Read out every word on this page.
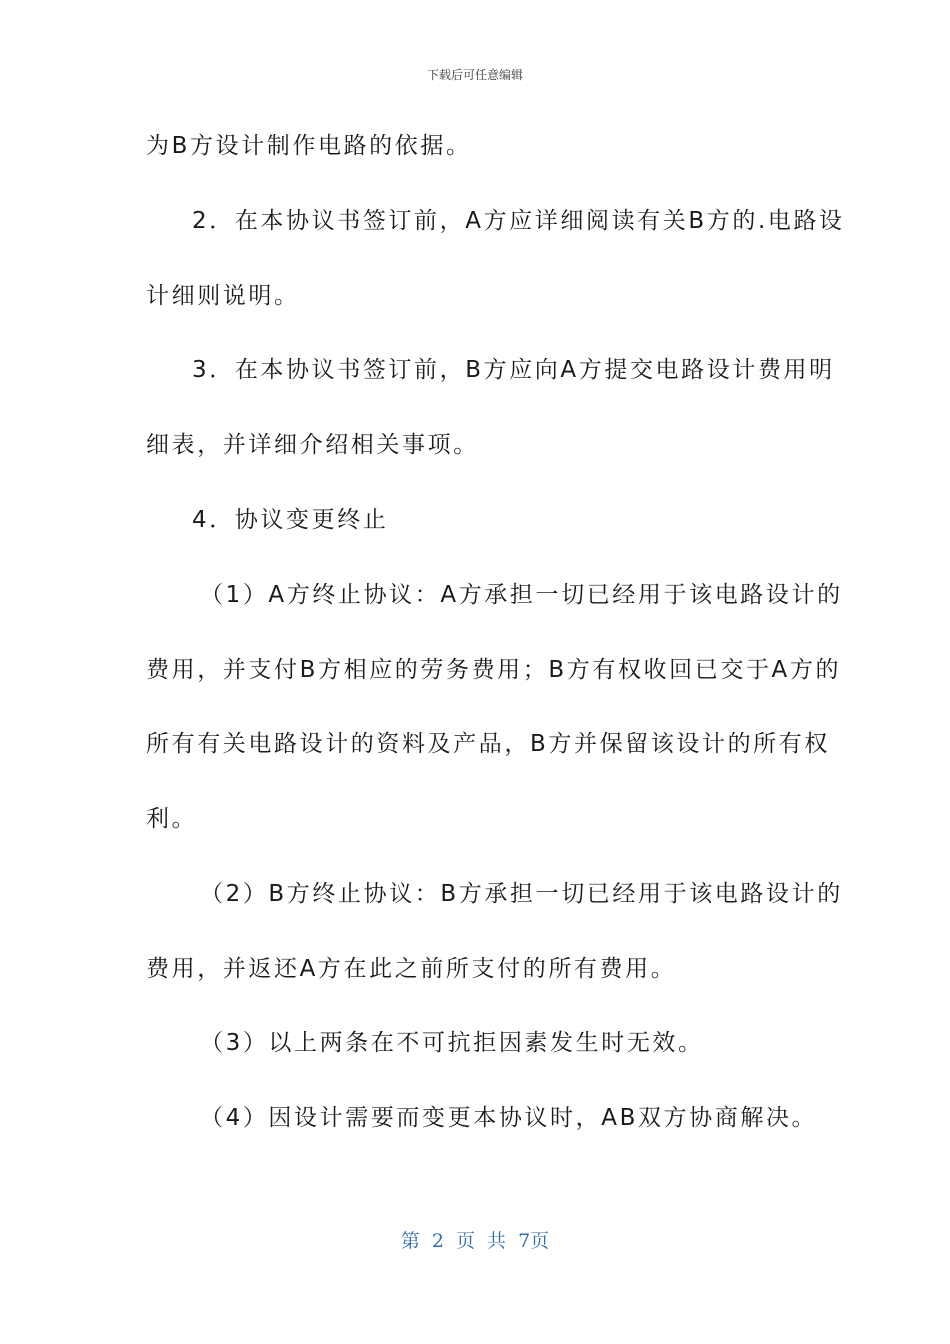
下载后可任意编辑
为B方设计制作电路的依据。
2．在本协议书签订前，A方应详细阅读有关B方的.电路设
计细则说明。
3．在本协议书签订前，B方应向A方提交电路设计费用明
细表，并详细介绍相关事项。
4．协议变更终止
（1）A方终止协议：A方承担一切已经用于该电路设计的
费用，并支付B方相应的劳务费用；B方有权收回已交于A方的
所有有关电路设计的资料及产品，B方并保留该设计的所有权
利。
（2）B方终止协议：B方承担一切已经用于该电路设计的
费用，并返还A方在此之前所支付的所有费用。
（3）以上两条在不可抗拒因素发生时无效。
（4）因设计需要而变更本协议时，AB双方协商解决。
第 2 页 共 7页
